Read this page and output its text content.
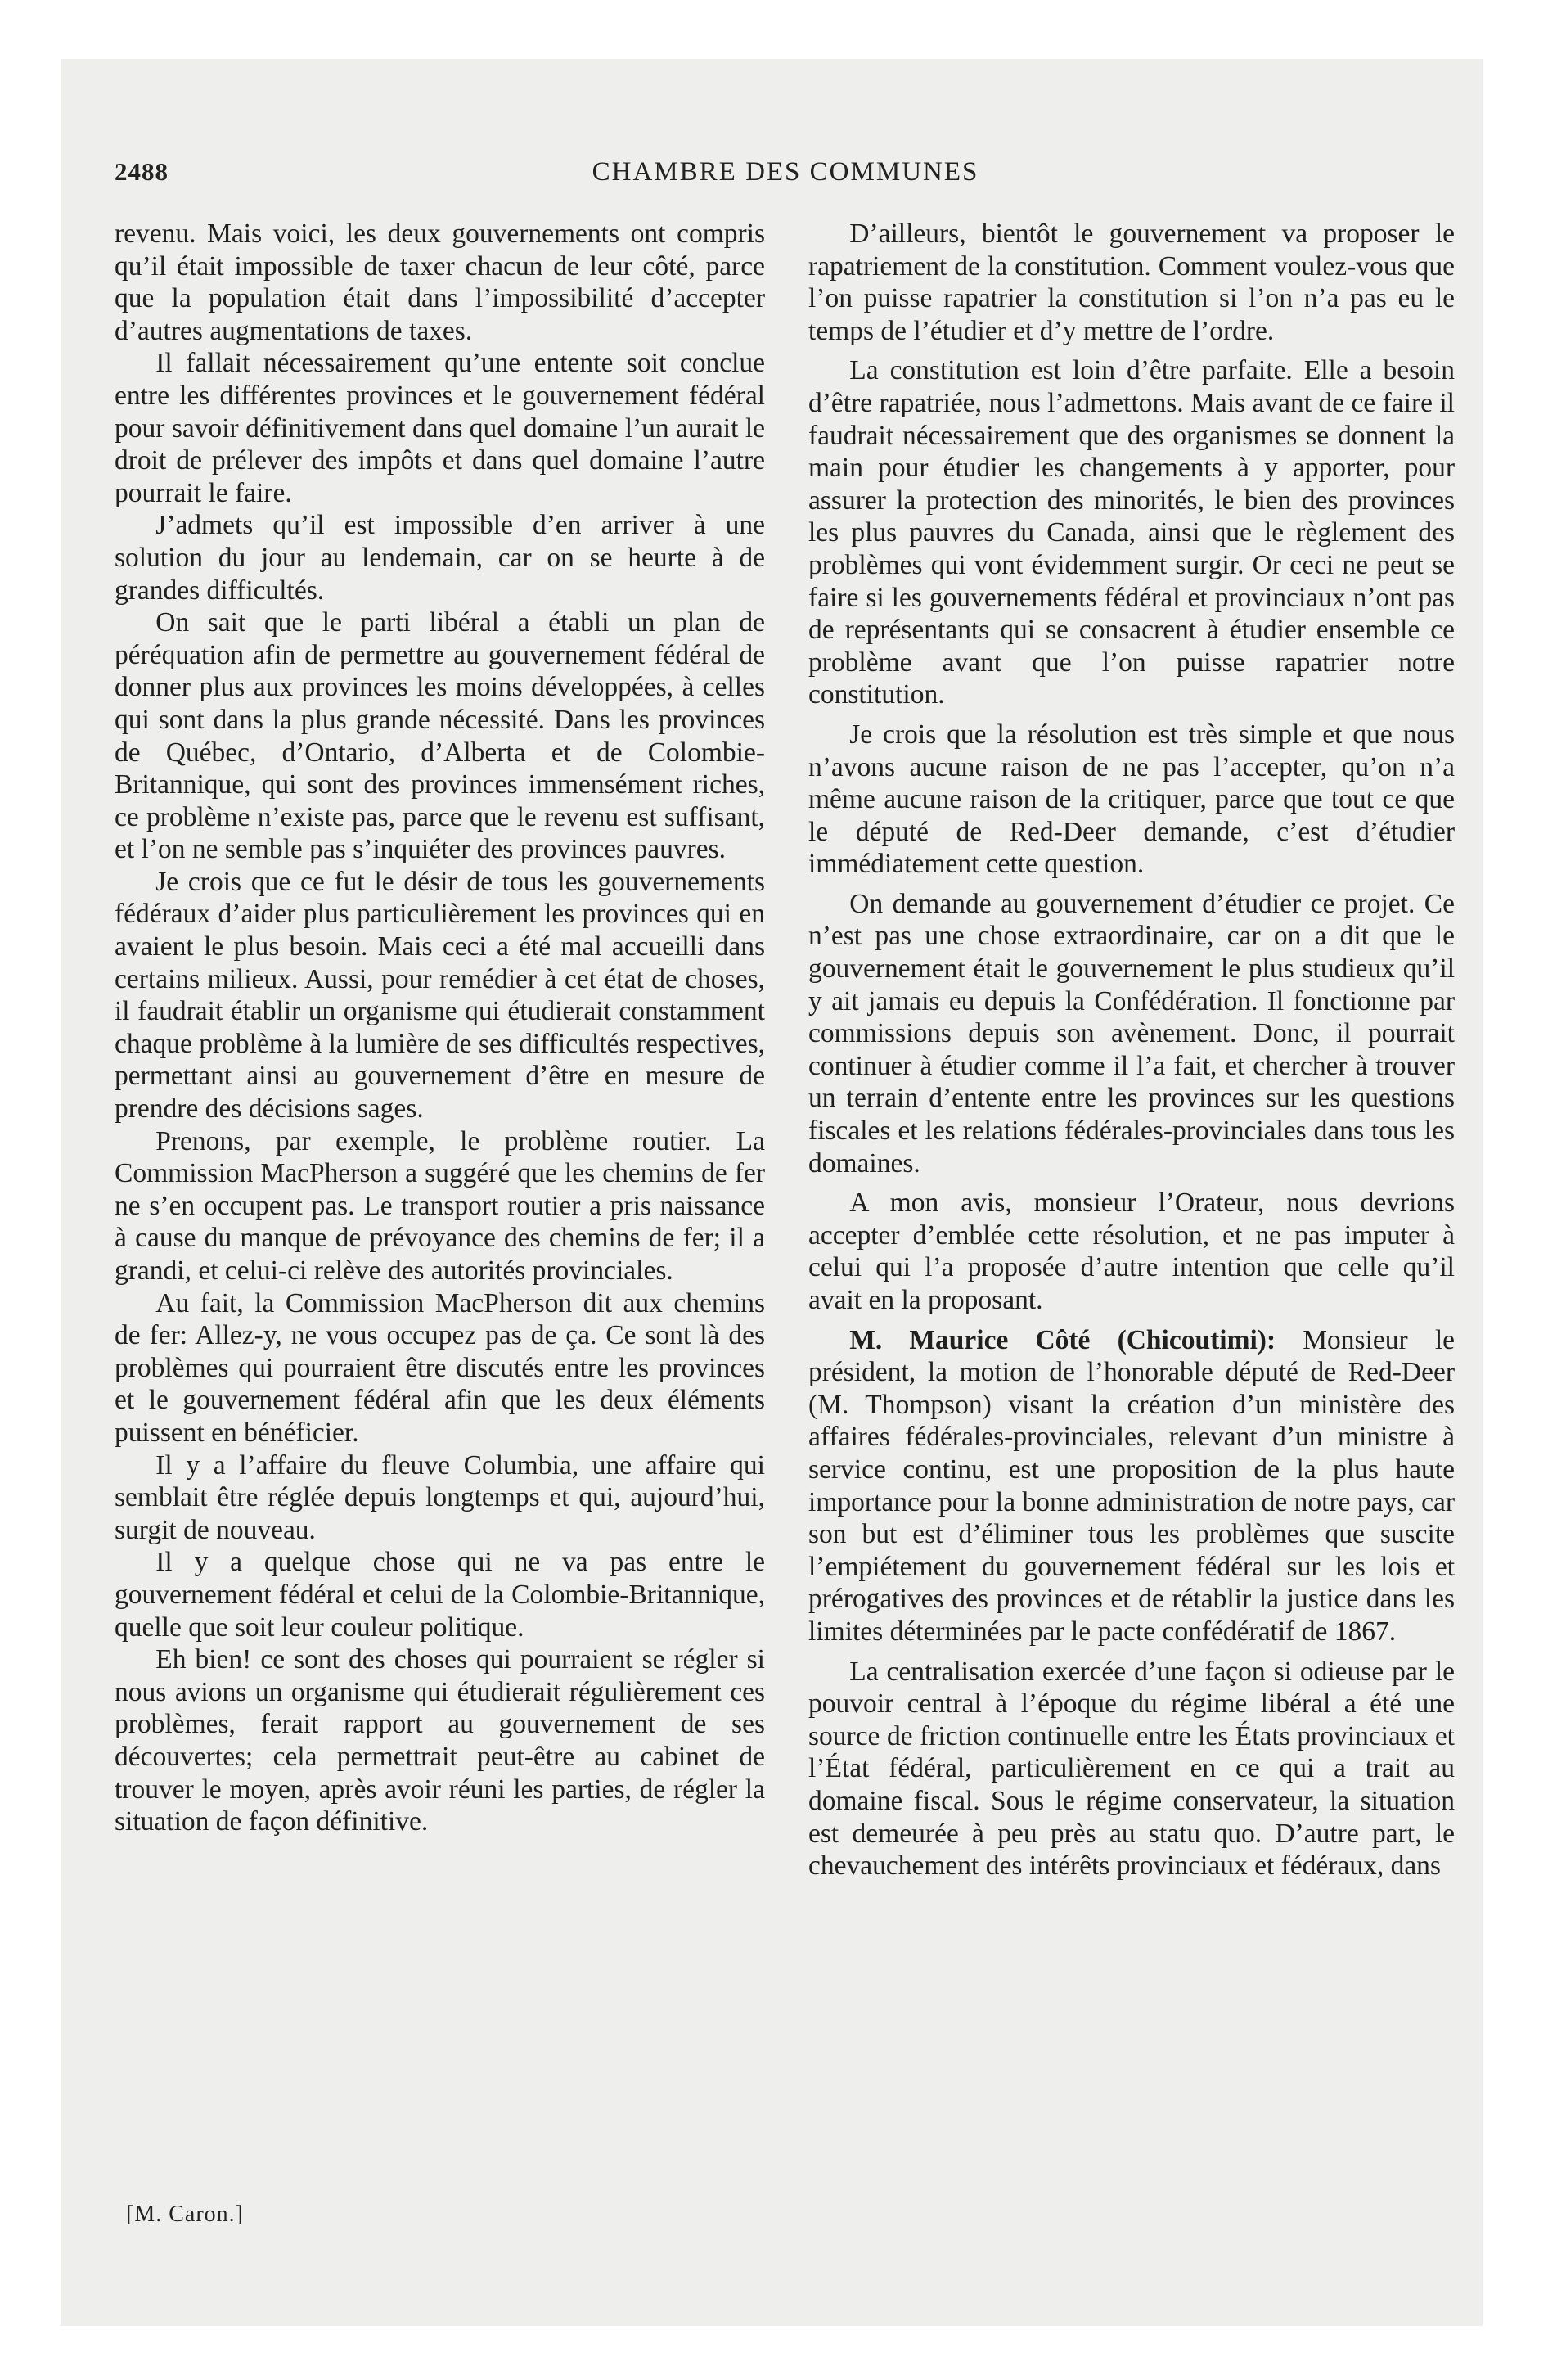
2488	CHAMBRE DES COMMUNES

revenu. Mais voici, les deux gouvernements ont compris qu’il était impossible de taxer chacun de leur côté, parce que la population était dans l’impossibilité d’accepter d’autres augmentations de taxes.

Il fallait nécessairement qu’une entente soit conclue entre les différentes provinces et le gouvernement fédéral pour savoir définitivement dans quel domaine l’un aurait le droit de prélever des impôts et dans quel domaine l’autre pourrait le faire.

J’admets qu’il est impossible d’en arriver à une solution du jour au lendemain, car on se heurte à de grandes difficultés.

On sait que le parti libéral a établi un plan de péréquation afin de permettre au gouvernement fédéral de donner plus aux provinces les moins développées, à celles qui sont dans la plus grande nécessité. Dans les provinces de Québec, d’Ontario, d’Alberta et de Colombie-Britannique, qui sont des provinces immensément riches, ce problème n’existe pas, parce que le revenu est suffisant, et l’on ne semble pas s’inquiéter des provinces pauvres.

Je crois que ce fut le désir de tous les gouvernements fédéraux d’aider plus particulièrement les provinces qui en avaient le plus besoin. Mais ceci a été mal accueilli dans certains milieux. Aussi, pour remédier à cet état de choses, il faudrait établir un organisme qui étudierait constamment chaque problème à la lumière de ses difficultés respectives, permettant ainsi au gouvernement d’être en mesure de prendre des décisions sages.

Prenons, par exemple, le problème routier. La Commission MacPherson a suggéré que les chemins de fer ne s’en occupent pas. Le transport routier a pris naissance à cause du manque de prévoyance des chemins de fer; il a grandi, et celui-ci relève des autorités provinciales.

Au fait, la Commission MacPherson dit aux chemins de fer: Allez-y, ne vous occupez pas de ça. Ce sont là des problèmes qui pourraient être discutés entre les provinces et le gouvernement fédéral afin que les deux éléments puissent en bénéficier.

Il y a l’affaire du fleuve Columbia, une affaire qui semblait être réglée depuis longtemps et qui, aujourd’hui, surgit de nouveau.

Il y a quelque chose qui ne va pas entre le gouvernement fédéral et celui de la Colombie-Britannique, quelle que soit leur couleur politique.

Eh bien! ce sont des choses qui pourraient se régler si nous avions un organisme qui étudierait régulièrement ces problèmes, ferait rapport au gouvernement de ses découvertes; cela permettrait peut-être au cabinet de trouver le moyen, après avoir réuni les parties, de régler la situation de façon définitive.

[M. Caron.]

D’ailleurs, bientôt le gouvernement va proposer le rapatriement de la constitution. Comment voulez-vous que l’on puisse rapatrier la constitution si l’on n’a pas eu le temps de l’étudier et d’y mettre de l’ordre.

La constitution est loin d’être parfaite. Elle a besoin d’être rapatriée, nous l’admettons. Mais avant de ce faire il faudrait nécessairement que des organismes se donnent la main pour étudier les changements à y apporter, pour assurer la protection des minorités, le bien des provinces les plus pauvres du Canada, ainsi que le règlement des problèmes qui vont évidemment surgir. Or ceci ne peut se faire si les gouvernements fédéral et provinciaux n’ont pas de représentants qui se consacrent à étudier ensemble ce problème avant que l’on puisse rapatrier notre constitution.

Je crois que la résolution est très simple et que nous n’avons aucune raison de ne pas l’accepter, qu’on n’a même aucune raison de la critiquer, parce que tout ce que le député de Red-Deer demande, c’est d’étudier immédiatement cette question.

On demande au gouvernement d’étudier ce projet. Ce n’est pas une chose extraordinaire, car on a dit que le gouvernement était le gouvernement le plus studieux qu’il y ait jamais eu depuis la Confédération. Il fonctionne par commissions depuis son avènement. Donc, il pourrait continuer à étudier comme il l’a fait, et chercher à trouver un terrain d’entente entre les provinces sur les questions fiscales et les relations fédérales-provinciales dans tous les domaines.

A mon avis, monsieur l’Orateur, nous devrions accepter d’emblée cette résolution, et ne pas imputer à celui qui l’a proposée d’autre intention que celle qu’il avait en la proposant.

M. Maurice Côté (Chicoutimi): Monsieur le président, la motion de l’honorable député de Red-Deer (M. Thompson) visant la création d’un ministère des affaires fédérales-provinciales, relevant d’un ministre à service continu, est une proposition de la plus haute importance pour la bonne administration de notre pays, car son but est d’éliminer tous les problèmes que suscite l’empiétement du gouvernement fédéral sur les lois et prérogatives des provinces et de rétablir la justice dans les limites déterminées par le pacte confédératif de 1867.

La centralisation exercée d’une façon si odieuse par le pouvoir central à l’époque du régime libéral a été une source de friction continuelle entre les États provinciaux et l’État fédéral, particulièrement en ce qui a trait au domaine fiscal. Sous le régime conservateur, la situation est demeurée à peu près au statu quo. D’autre part, le chevauchement des intérêts provinciaux et fédéraux, dans
